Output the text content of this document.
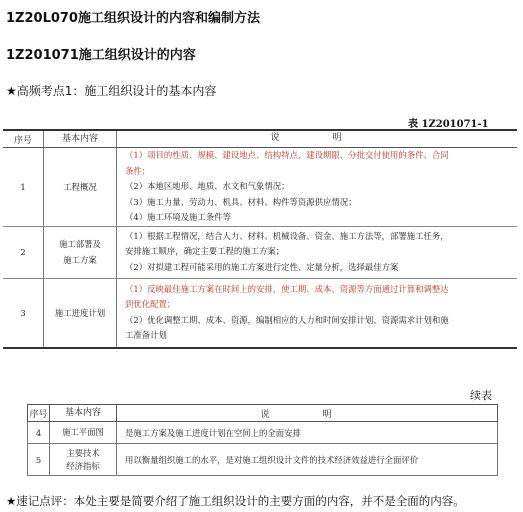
1Z20L070施工组织设计的内容和编制方法
1Z201071施工组织设计的内容
★高频考点1：施工组织设计的基本内容
表 1Z201071-1
序号	基本内容	说　明
1	工程概况	（1）项目的性质、规模、建设地点、结构特点、建设期限、分批交付使用的条件、合同
条件；
（2）本地区地形、地质、水文和气象情况；
（3）施工力量、劳动力、机具、材料、构件等资源供应情况；
（4）施工环境及施工条件等

2	施工部署及
施工方案	（1）根据工程情况，结合人力、材料、机械设备、资金、施工方法等，部署施工任务，
安排施工顺序，确定主要工程的施工方案；
（2）对拟建工程可能采用的施工方案进行定性、定量分析，选择最佳方案

3	施工进度计划	（1）反映最佳施工方案在时间上的安排，使工期、成本、资源等方面通过计算和调整达
到优化配置；
（2）优化调整工期、成本、资源，编制相应的人力和时间安排计划、资源需求计划和施
工准备计划
续表
序号	基本内容	说　明
4	施工平面图	是施工方案及施工进度计划在空间上的全面安排
5	主要技术
经济指标	用以衡量组织施工的水平，是对施工组织设计文件的技术经济效益进行全面评价
★速记点评：本处主要是简要介绍了施工组织设计的主要方面的内容，并不是全面的内容。
